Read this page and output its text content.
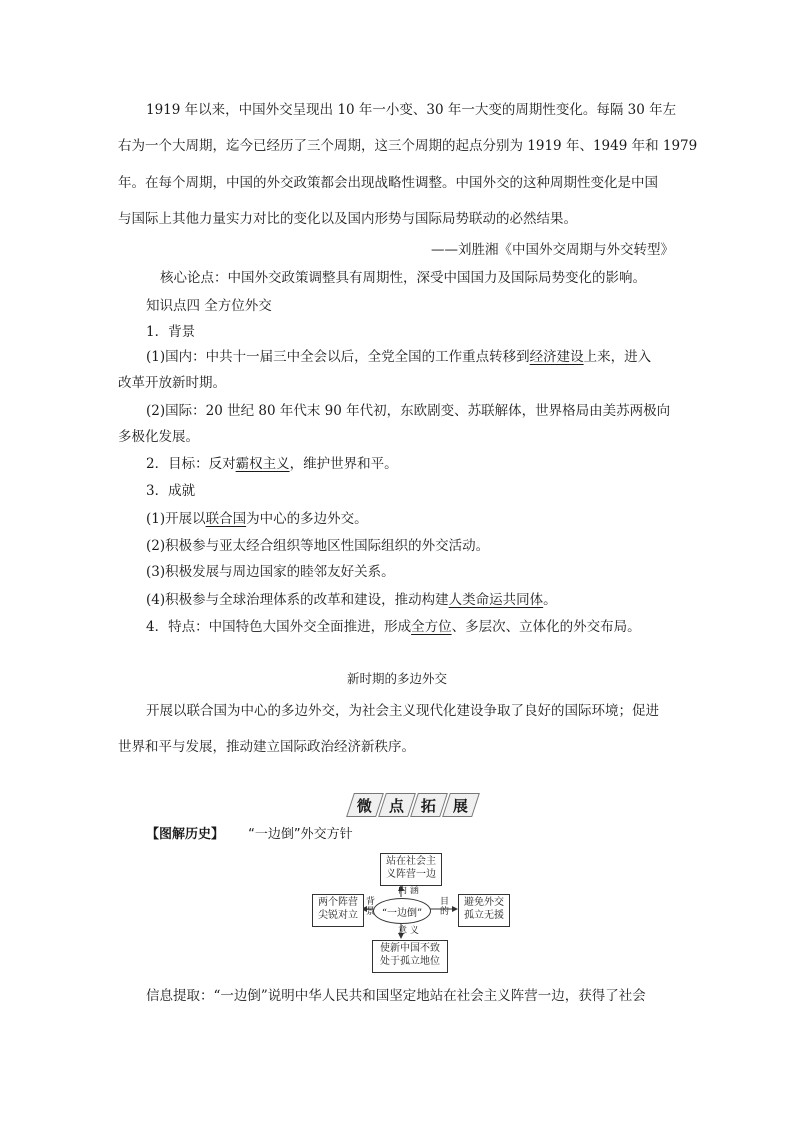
1919 年以来，中国外交呈现出 10 年一小变、30 年一大变的周期性变化。每隔 30 年左
右为一个大周期，迄今已经历了三个周期，这三个周期的起点分别为 1919 年、1949 年和 1979
年。在每个周期，中国的外交政策都会出现战略性调整。中国外交的这种周期性变化是中国
与国际上其他力量实力对比的变化以及国内形势与国际局势联动的必然结果。
——刘胜湘《中国外交周期与外交转型》
核心论点：中国外交政策调整具有周期性，深受中国国力及国际局势变化的影响。
知识点四 全方位外交
1．背景
(1)国内：中共十一届三中全会以后，全党全国的工作重点转移到经济建设上来，进入
改革开放新时期。
(2)国际：20 世纪 80 年代末 90 年代初，东欧剧变、苏联解体，世界格局由美苏两极向
多极化发展。
2．目标：反对霸权主义，维护世界和平。
3．成就
(1)开展以联合国为中心的多边外交。
(2)积极参与亚太经合组织等地区性国际组织的外交活动。
(3)积极发展与周边国家的睦邻友好关系。
(4)积极参与全球治理体系的改革和建设，推动构建人类命运共同体。
4．特点：中国特色大国外交全面推进，形成全方位、多层次、立体化的外交布局。
新时期的多边外交
开展以联合国为中心的多边外交，为社会主义现代化建设争取了良好的国际环境；促进
世界和平与发展，推动建立国际政治经济新秩序。
微 点 拓 展
【图解历史】 “一边倒”外交方针
站在社会主
义阵营一边
两个阵营
尖锐对立
避免外交
孤立无援
使新中国不致
处于孤立地位
“一边倒”
内 涵
背景
目的
意 义
信息提取：“一边倒”说明中华人民共和国坚定地站在社会主义阵营一边，获得了社会
